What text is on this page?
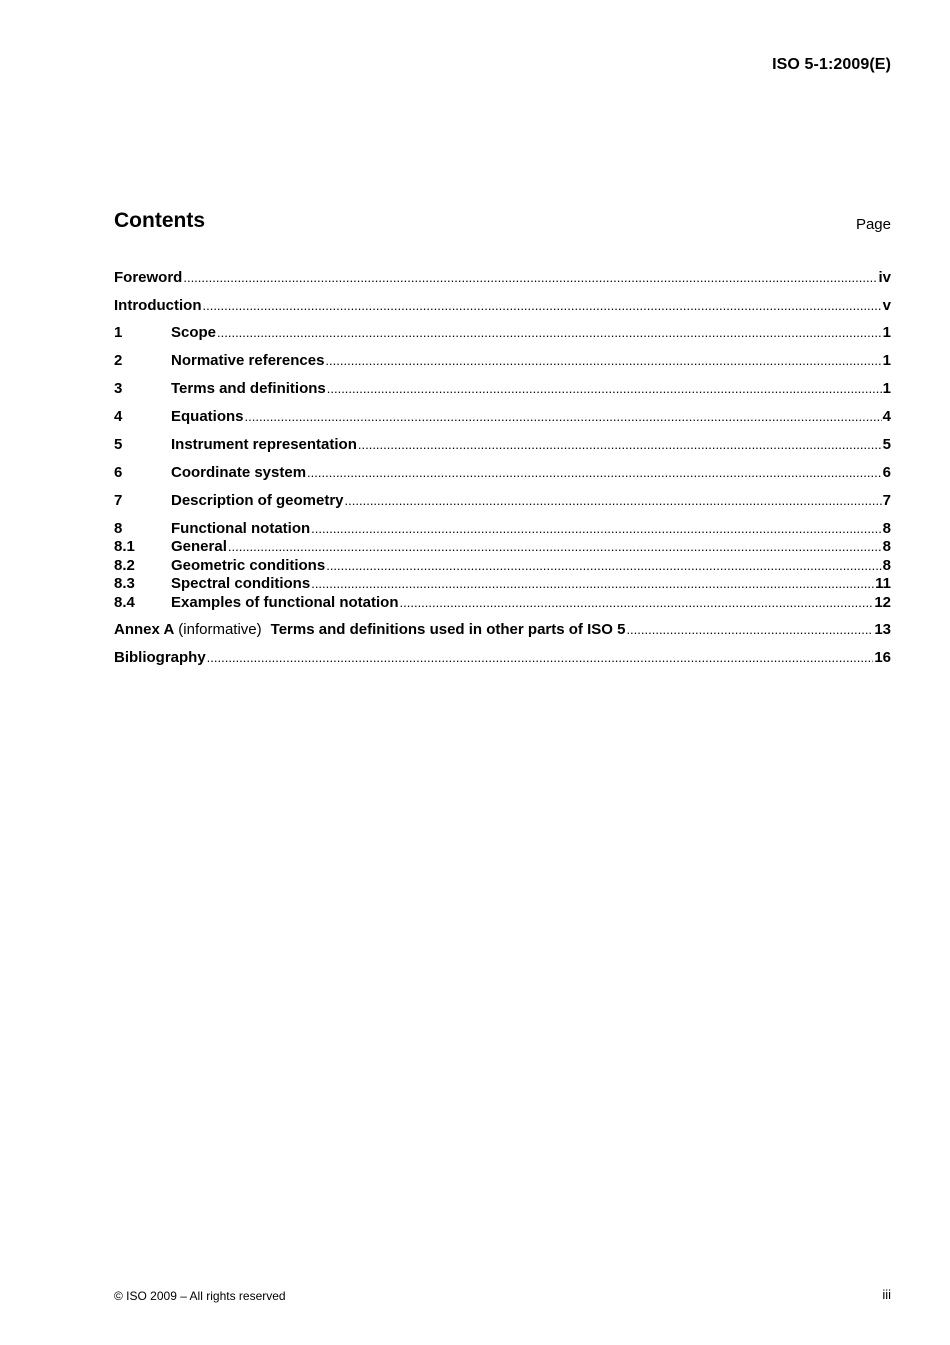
ISO 5-1:2009(E)
Contents	Page
Foreword .....	iv
Introduction .....	v
1	Scope .....	1
2	Normative references .....	1
3	Terms and definitions .....	1
4	Equations .....	4
5	Instrument representation .....	5
6	Coordinate system .....	6
7	Description of geometry .....	7
8	Functional notation .....	8
8.1	General .....	8
8.2	Geometric conditions .....	8
8.3	Spectral conditions .....	11
8.4	Examples of functional notation .....	12
Annex A (informative) Terms and definitions used in other parts of ISO 5 .....	13
Bibliography .....	16
© ISO 2009 – All rights reserved	iii
